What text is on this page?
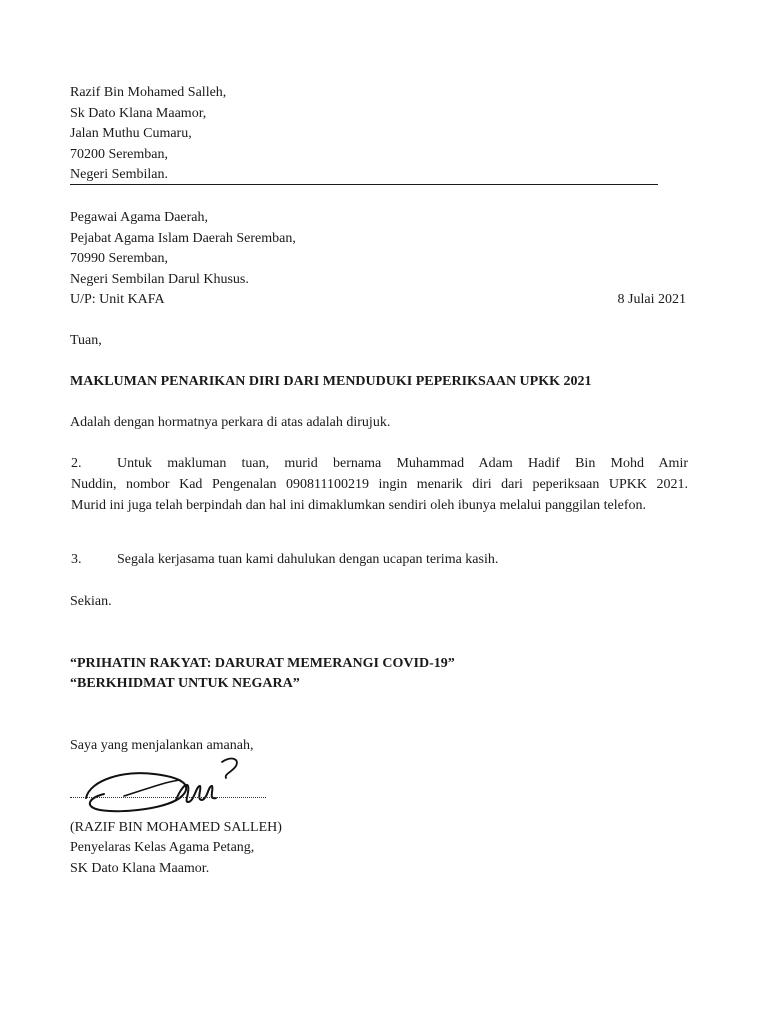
Razif Bin Mohamed Salleh,
Sk Dato Klana Maamor,
Jalan Muthu Cumaru,
70200 Seremban,
Negeri Sembilan.
Pegawai Agama Daerah,
Pejabat Agama Islam Daerah Seremban,
70990 Seremban,
Negeri Sembilan Darul Khusus.
U/P: Unit KAFA	8 Julai 2021
Tuan,
MAKLUMAN PENARIKAN DIRI DARI MENDUDUKI PEPERIKSAAN UPKK 2021
Adalah dengan hormatnya perkara di atas adalah dirujuk.
2.	Untuk makluman tuan, murid bernama Muhammad Adam Hadif Bin Mohd Amir
Nuddin, nombor Kad Pengenalan 090811100219 ingin menarik diri dari peperiksaan UPKK 2021.
Murid ini juga telah berpindah dan hal ini dimaklumkan sendiri oleh ibunya melalui panggilan telefon.
3.	Segala kerjasama tuan kami dahulukan dengan ucapan terima kasih.
Sekian.
“PRIHATIN RAKYAT: DARURAT MEMERANGI COVID-19”
“BERKHIDMAT UNTUK NEGARA”
Saya yang menjalankan amanah,
(RAZIF BIN MOHAMED SALLEH)
Penyelaras Kelas Agama Petang,
SK Dato Klana Maamor.
